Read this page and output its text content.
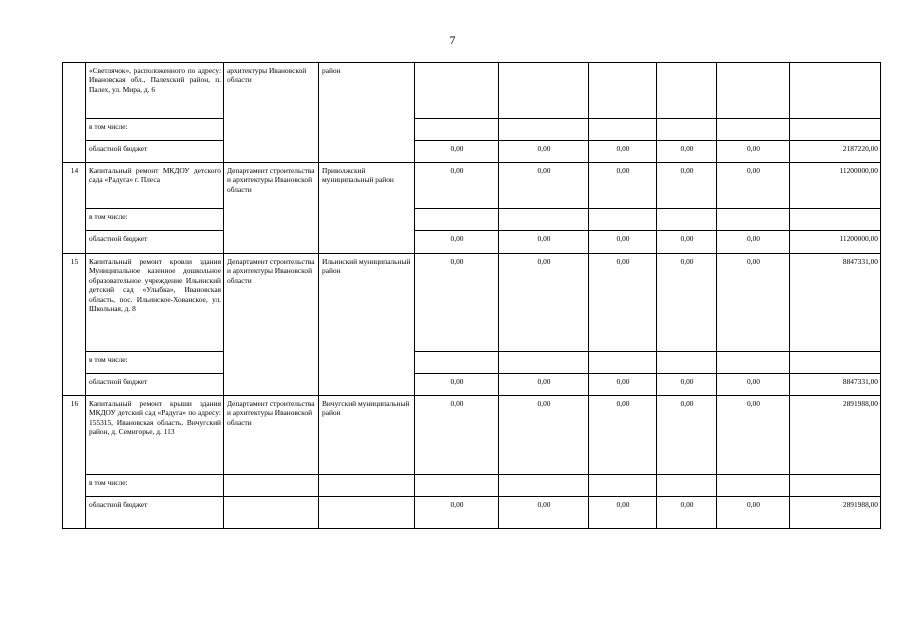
7
	«Светлячок», расположенного по адресу: Ивановская обл., Палехский район, п. Палех, ул. Мира, д. 6	архитектуры Ивановской области	район						
	в том числе:								
	областной бюджет			0,00	0,00	0,00	0,00	0,00	2187220,00
14	Капитальный ремонт МКДОУ детского сада «Радуга» г. Плеса	Департамент строительства и архитектуры Ивановской области	Приволжский муниципальный район	0,00	0,00	0,00	0,00	0,00	11200000,00
	в том числе:								
	областной бюджет			0,00	0,00	0,00	0,00	0,00	11200000,00
15	Капитальный ремонт кровли здания Муниципальное казенное дошкольное образовательное учреждение Ильинский детский сад «Улыбка», Ивановская область, пос. Ильинское-Хованское, ул. Школьная, д. 8	Департамент строительства и архитектуры Ивановской области	Ильинский муниципальный район	0,00	0,00	0,00	0,00	0,00	8847331,00
	в том числе:								
	областной бюджет			0,00	0,00	0,00	0,00	0,00	8847331,00
16	Капитальный ремонт крыши здания МКДОУ детский сад «Радуга» по адресу: 155315, Ивановская область, Вичугский район, д. Семигорье, д. 113	Департамент строительства и архитектуры Ивановской области	Вичугский муниципальный район	0,00	0,00	0,00	0,00	0,00	2891988,00
	в том числе:								
	областной бюджет			0,00	0,00	0,00	0,00	0,00	2891988,00
